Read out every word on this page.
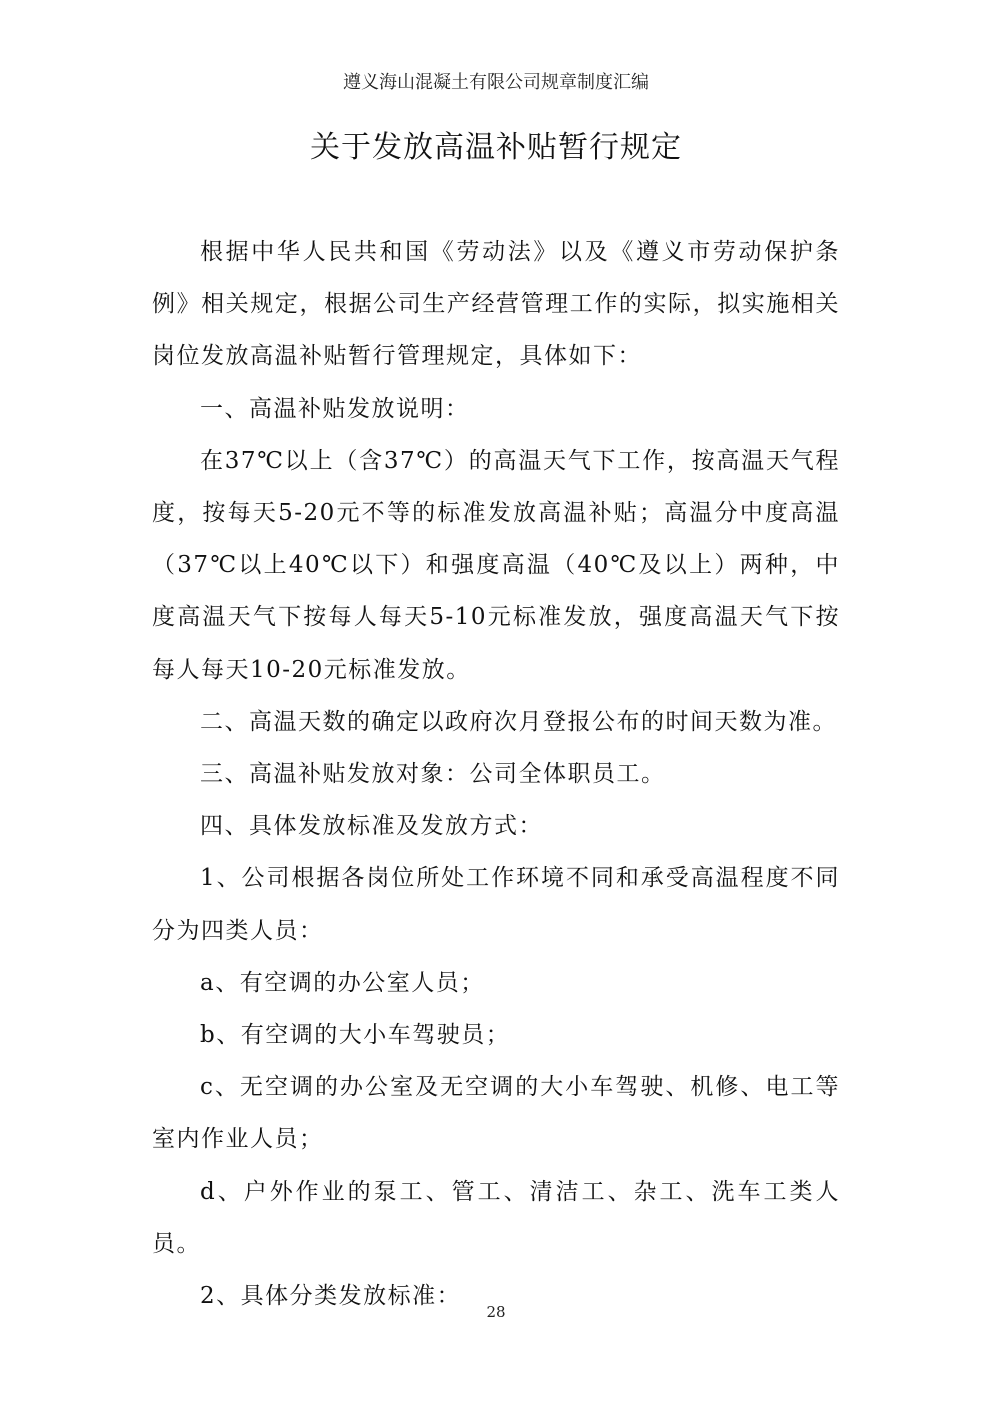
遵义海山混凝土有限公司规章制度汇编
关于发放高温补贴暂行规定

根据中华人民共和国《劳动法》以及《遵义市劳动保护条例》相关规定，根据公司生产经营管理工作的实际，拟实施相关岗位发放高温补贴暂行管理规定，具体如下：

一、高温补贴发放说明：

在37℃以上（含37℃）的高温天气下工作，按高温天气程度，按每天5-20元不等的标准发放高温补贴；高温分中度高温（37℃以上40℃以下）和强度高温（40℃及以上）两种，中度高温天气下按每人每天5-10元标准发放，强度高温天气下按每人每天10-20元标准发放。

二、高温天数的确定以政府次月登报公布的时间天数为准。

三、高温补贴发放对象：公司全体职员工。

四、具体发放标准及发放方式：

1、公司根据各岗位所处工作环境不同和承受高温程度不同分为四类人员：

a、有空调的办公室人员；

b、有空调的大小车驾驶员；

c、无空调的办公室及无空调的大小车驾驶、机修、电工等室内作业人员；

d、户外作业的泵工、管工、清洁工、杂工、洗车工类人员。

2、具体分类发放标准：

28
